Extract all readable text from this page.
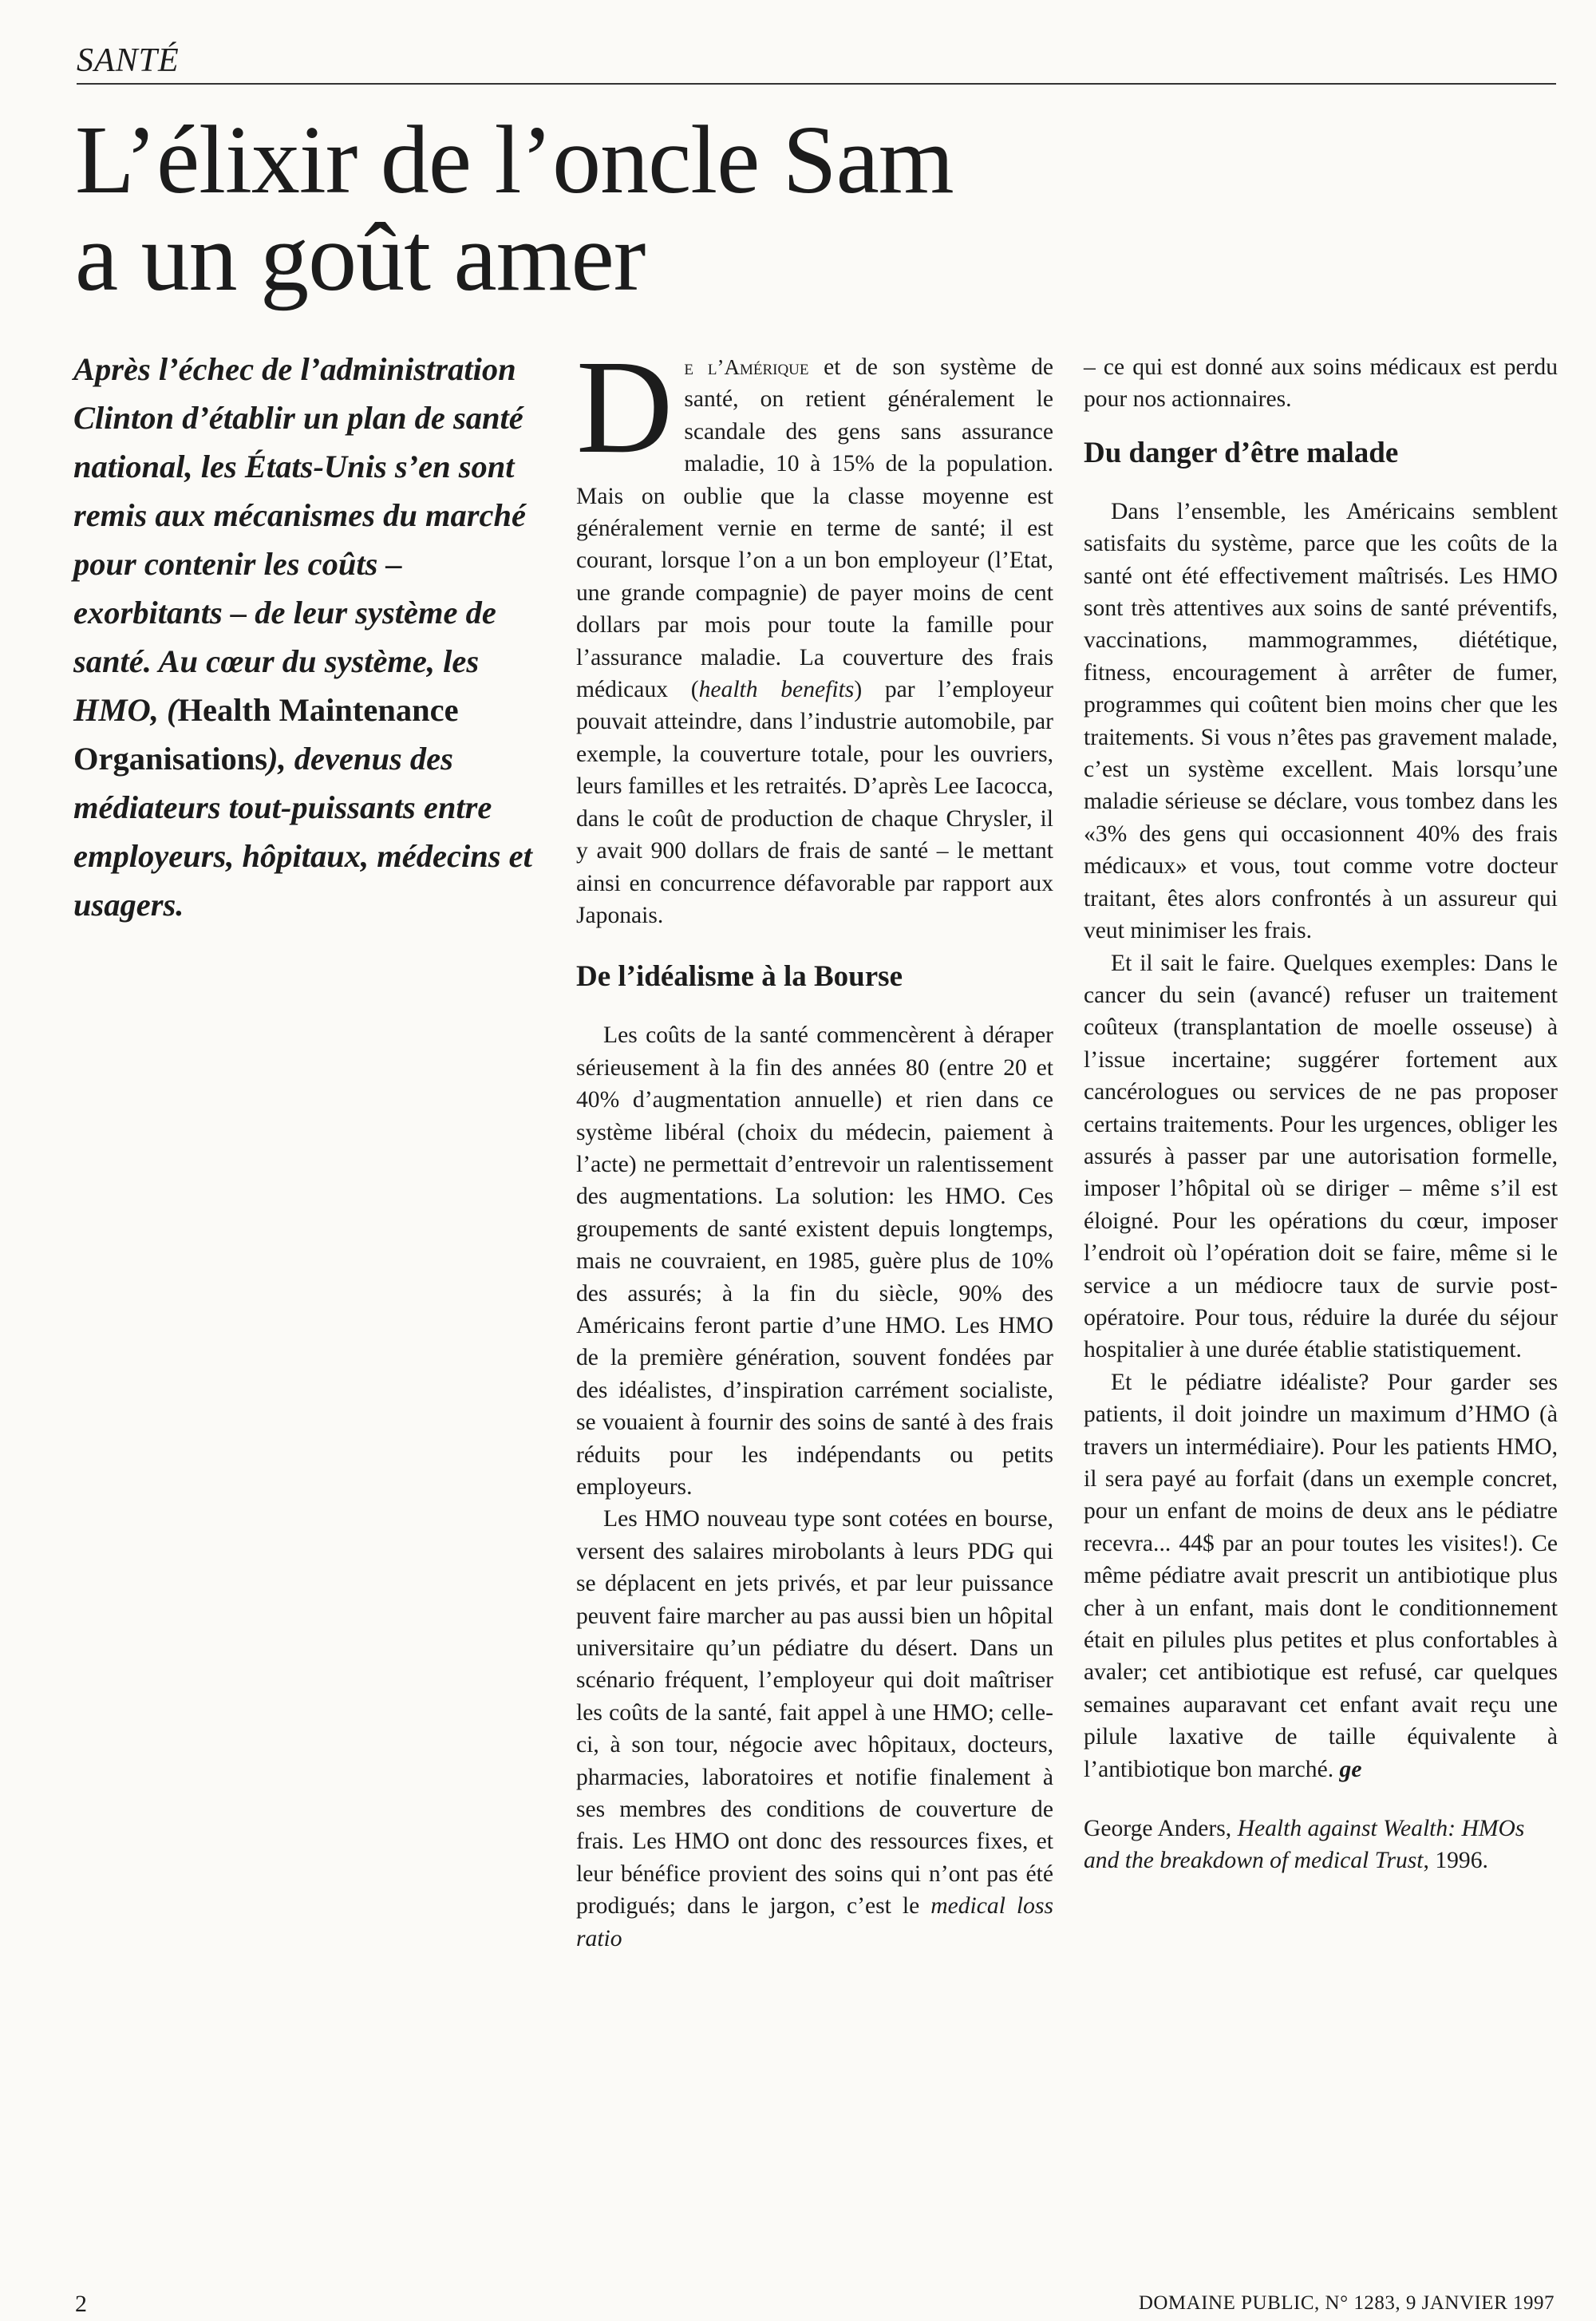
SANTÉ
L’élixir de l’oncle Sam
a un goût amer

Après l’échec de l’administration Clinton d’établir un plan de santé national, les États-Unis s’en sont remis aux mécanismes du marché pour contenir les coûts – exorbitants – de leur système de santé. Au cœur du système, les HMO, (Health Maintenance Organisations), devenus des médiateurs tout-puissants entre employeurs, hôpitaux, médecins et usagers.

De l’Amérique et de son système de santé, on retient généralement le scandale des gens sans assurance maladie, 10 à 15% de la population. Mais on oublie que la classe moyenne est généralement vernie en terme de santé; il est courant, lorsque l’on a un bon employeur (l’Etat, une grande compagnie) de payer moins de cent dollars par mois pour toute la famille pour l’assurance maladie. La couverture des frais médicaux (health benefits) par l’employeur pouvait atteindre, dans l’industrie automobile, par exemple, la couverture totale, pour les ouvriers, leurs familles et les retraités. D’après Lee Iacocca, dans le coût de production de chaque Chrysler, il y avait 900 dollars de frais de santé – le mettant ainsi en concurrence défavorable par rapport aux Japonais.

De l’idéalisme à la Bourse

Les coûts de la santé commencèrent à déraper sérieusement à la fin des années 80 (entre 20 et 40% d’augmentation annuelle) et rien dans ce système libéral (choix du médecin, paiement à l’acte) ne permettait d’entrevoir un ralentissement des augmentations. La solution: les HMO. Ces groupements de santé existent depuis longtemps, mais ne couvraient, en 1985, guère plus de 10% des assurés; à la fin du siècle, 90% des Américains feront partie d’une HMO. Les HMO de la première génération, souvent fondées par des idéalistes, d’inspiration carrément socialiste, se vouaient à fournir des soins de santé à des frais réduits pour les indépendants ou petits employeurs.

Les HMO nouveau type sont cotées en bourse, versent des salaires mirobolants à leurs PDG qui se déplacent en jets privés, et par leur puissance peuvent faire marcher au pas aussi bien un hôpital universitaire qu’un pédiatre du désert. Dans un scénario fréquent, l’employeur qui doit maîtriser les coûts de la santé, fait appel à une HMO; celle-ci, à son tour, négocie avec hôpitaux, docteurs, pharmacies, laboratoires et notifie finalement à ses membres des conditions de couverture de frais. Les HMO ont donc des ressources fixes, et leur bénéfice provient des soins qui n’ont pas été prodigués; dans le jargon, c’est le medical loss ratio

– ce qui est donné aux soins médicaux est perdu pour nos actionnaires.

Du danger d’être malade

Dans l’ensemble, les Américains semblent satisfaits du système, parce que les coûts de la santé ont été effectivement maîtrisés. Les HMO sont très attentives aux soins de santé préventifs, vaccinations, mammogrammes, diététique, fitness, encouragement à arrêter de fumer, programmes qui coûtent bien moins cher que les traitements. Si vous n’êtes pas gravement malade, c’est un système excellent. Mais lorsqu’une maladie sérieuse se déclare, vous tombez dans les «3% des gens qui occasionnent 40% des frais médicaux» et vous, tout comme votre docteur traitant, êtes alors confrontés à un assureur qui veut minimiser les frais.

Et il sait le faire. Quelques exemples: Dans le cancer du sein (avancé) refuser un traitement coûteux (transplantation de moelle osseuse) à l’issue incertaine; suggérer fortement aux cancérologues ou services de ne pas proposer certains traitements. Pour les urgences, obliger les assurés à passer par une autorisation formelle, imposer l’hôpital où se diriger – même s’il est éloigné. Pour les opérations du cœur, imposer l’endroit où l’opération doit se faire, même si le service a un médiocre taux de survie post-opératoire. Pour tous, réduire la durée du séjour hospitalier à une durée établie statistiquement.

Et le pédiatre idéaliste? Pour garder ses patients, il doit joindre un maximum d’HMO (à travers un intermédiaire). Pour les patients HMO, il sera payé au forfait (dans un exemple concret, pour un enfant de moins de deux ans le pédiatre recevra... 44$ par an pour toutes les visites!). Ce même pédiatre avait prescrit un antibiotique plus cher à un enfant, mais dont le conditionnement était en pilules plus petites et plus confortables à avaler; cet antibiotique est refusé, car quelques semaines auparavant cet enfant avait reçu une pilule laxative de taille équivalente à l’antibiotique bon marché. ge

George Anders, Health against Wealth: HMOs and the breakdown of medical Trust, 1996.

2	DOMAINE PUBLIC, N° 1283, 9 JANVIER 1997
